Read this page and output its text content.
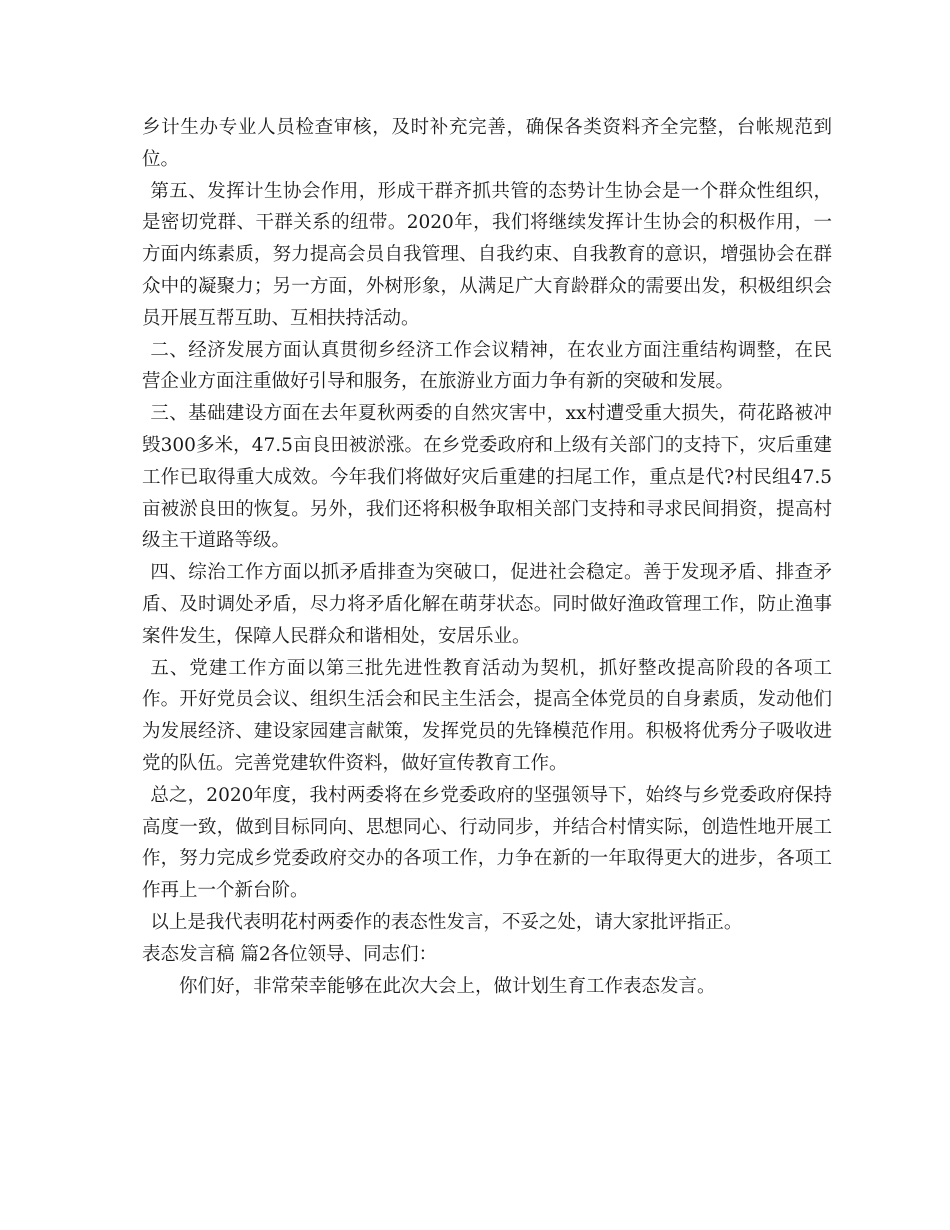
乡计生办专业人员检查审核，及时补充完善，确保各类资料齐全完整，台帐规范到位。

第五、发挥计生协会作用，形成干群齐抓共管的态势计生协会是一个群众性组织，是密切党群、干群关系的纽带。2020年，我们将继续发挥计生协会的积极作用，一方面内练素质，努力提高会员自我管理、自我约束、自我教育的意识，增强协会在群众中的凝聚力；另一方面，外树形象，从满足广大育龄群众的需要出发，积极组织会员开展互帮互助、互相扶持活动。

二、经济发展方面认真贯彻乡经济工作会议精神，在农业方面注重结构调整，在民营企业方面注重做好引导和服务，在旅游业方面力争有新的突破和发展。

三、基础建设方面在去年夏秋两委的自然灾害中，xx村遭受重大损失，荷花路被冲毁300多米，47.5亩良田被淤涨。在乡党委政府和上级有关部门的支持下，灾后重建工作已取得重大成效。今年我们将做好灾后重建的扫尾工作，重点是代?村民组47.5亩被淤良田的恢复。另外，我们还将积极争取相关部门支持和寻求民间捐资，提高村级主干道路等级。

四、综治工作方面以抓矛盾排查为突破口，促进社会稳定。善于发现矛盾、排查矛盾、及时调处矛盾，尽力将矛盾化解在萌芽状态。同时做好渔政管理工作，防止渔事案件发生，保障人民群众和谐相处，安居乐业。

五、党建工作方面以第三批先进性教育活动为契机，抓好整改提高阶段的各项工作。开好党员会议、组织生活会和民主生活会，提高全体党员的自身素质，发动他们为发展经济、建设家园建言献策，发挥党员的先锋模范作用。积极将优秀分子吸收进党的队伍。完善党建软件资料，做好宣传教育工作。

总之，2020年度，我村两委将在乡党委政府的坚强领导下，始终与乡党委政府保持高度一致，做到目标同向、思想同心、行动同步，并结合村情实际，创造性地开展工作，努力完成乡党委政府交办的各项工作，力争在新的一年取得更大的进步，各项工作再上一个新台阶。

以上是我代表明花村两委作的表态性发言，不妥之处，请大家批评指正。

表态发言稿 篇2各位领导、同志们：

你们好，非常荣幸能够在此次大会上，做计划生育工作表态发言。
